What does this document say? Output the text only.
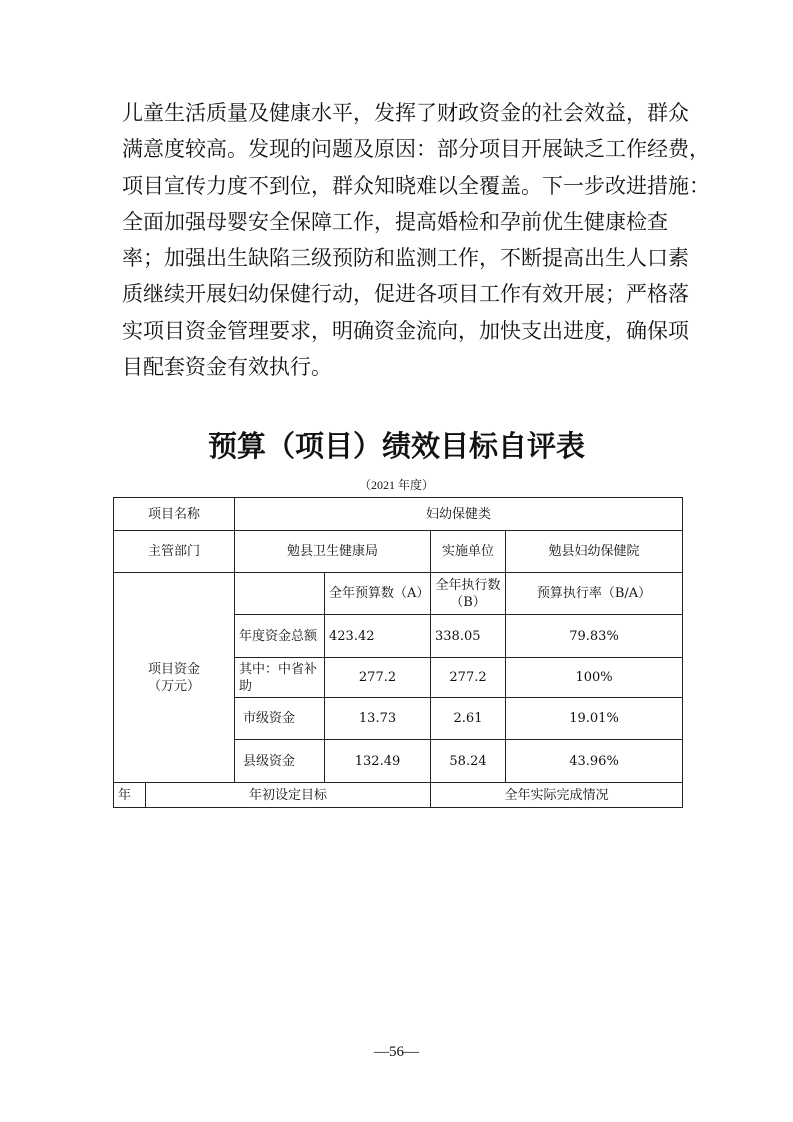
儿童生活质量及健康水平，发挥了财政资金的社会效益，群众
满意度较高。发现的问题及原因：部分项目开展缺乏工作经费，
项目宣传力度不到位，群众知晓难以全覆盖。下一步改进措施：
全面加强母婴安全保障工作，提高婚检和孕前优生健康检查
率；加强出生缺陷三级预防和监测工作，不断提高出生人口素
质继续开展妇幼保健行动，促进各项目工作有效开展；严格落
实项目资金管理要求，明确资金流向，加快支出进度，确保项
目配套资金有效执行。

预算（项目）绩效目标自评表
（2021 年度）
项目名称		妇幼保健类			
主管部门		勉县卫生健康局		实施单位	勉县妇幼保健院
项目资金（万元）			全年预算数（A）	全年执行数（B）	预算执行率（B/A）
		年度资金总额	423.42	338.05	79.83%
		其中：中省补助	277.2	277.2	100%
		市级资金	13.73	2.61	19.01%
		县级资金	132.49	58.24	43.96%
年	年初设定目标			全年实际完成情况	
—56—
